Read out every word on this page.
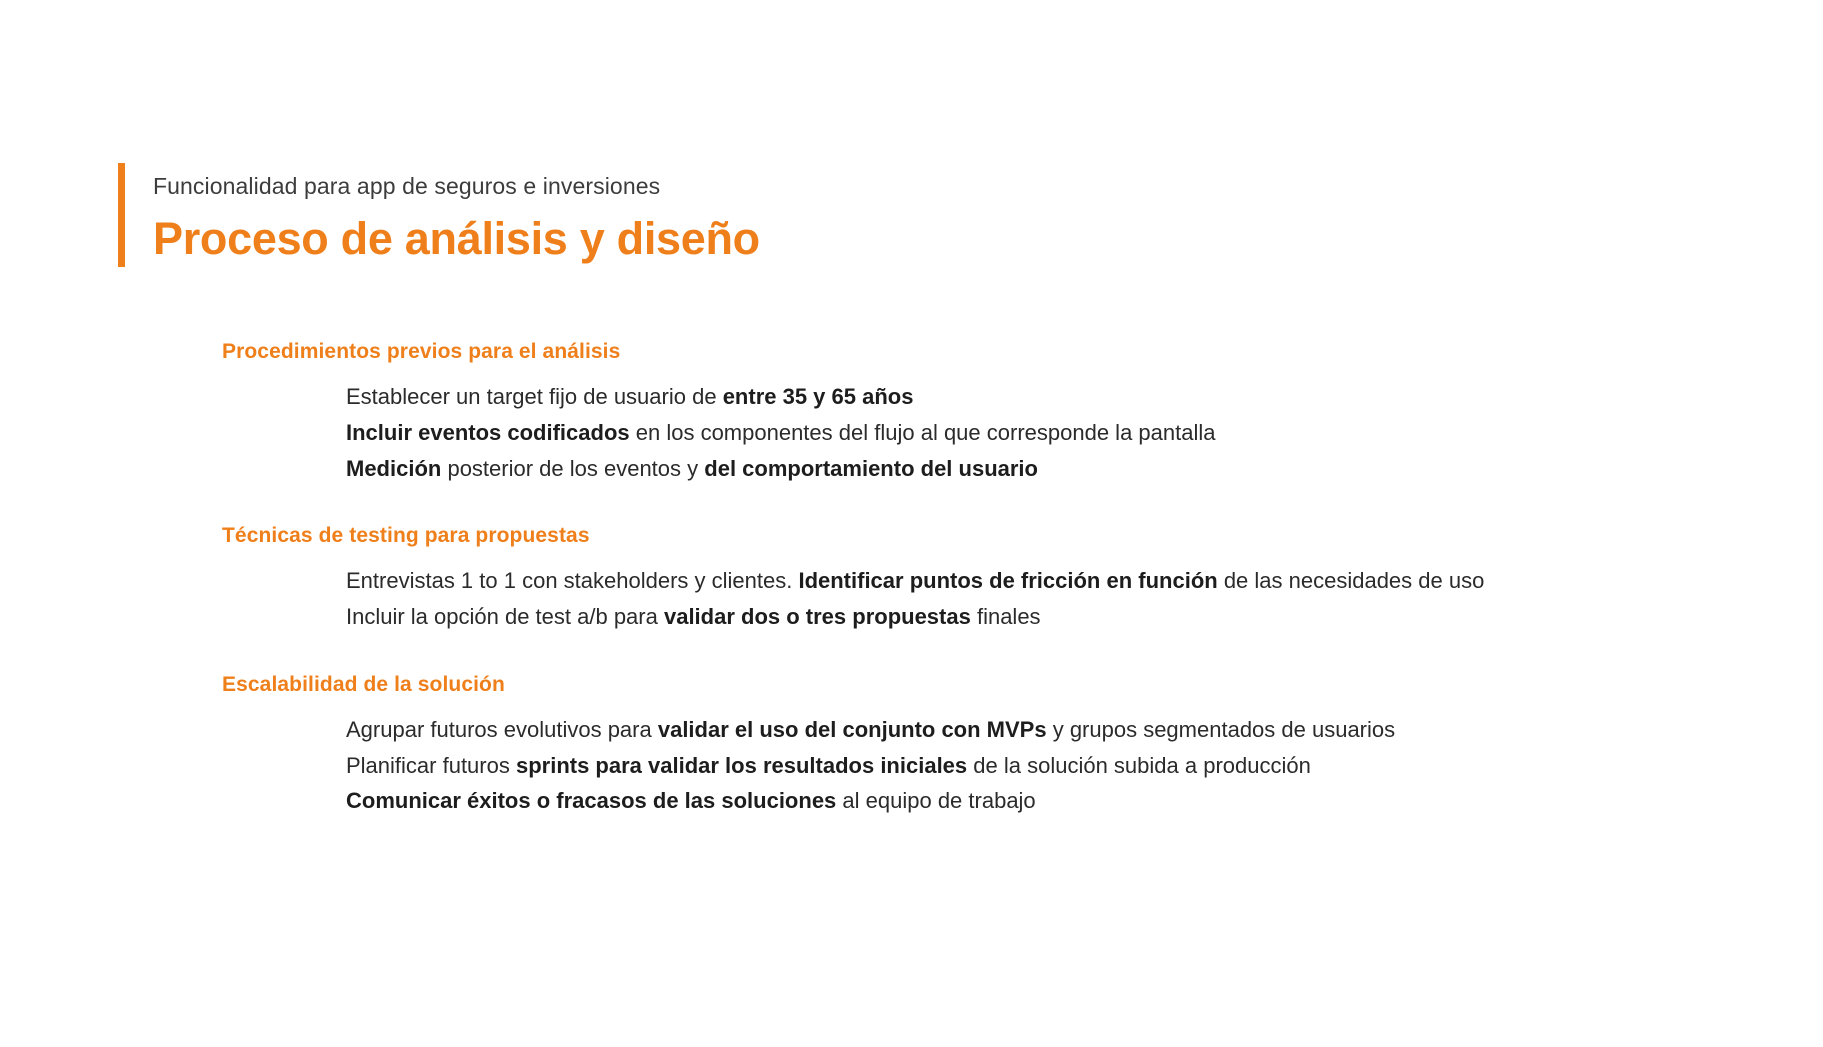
Funcionalidad para app de seguros e inversiones
Proceso de análisis y diseño
Procedimientos previos para el análisis
Establecer un target fijo de usuario de entre 35 y 65 años
Incluir eventos codificados en los componentes del flujo al que corresponde la pantalla
Medición posterior de los eventos y del comportamiento del usuario
Técnicas de testing para propuestas
Entrevistas 1 to 1 con stakeholders y clientes. Identificar puntos de fricción en función de las necesidades de uso
Incluir la opción de test a/b para validar dos o tres propuestas finales
Escalabilidad de la solución
Agrupar futuros evolutivos para validar el uso del conjunto con MVPs y grupos segmentados de usuarios
Planificar futuros sprints para validar los resultados iniciales de la solución subida a producción
Comunicar éxitos o fracasos de las soluciones al equipo de trabajo
